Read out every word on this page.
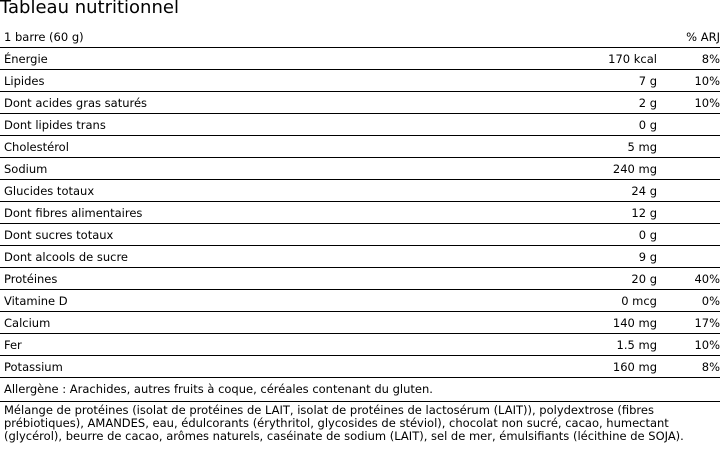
Tableau nutritionnel
1 barre (60 g)	% ARJ
Énergie	170 kcal	8%
Lipides	7 g	10%
Dont acides gras saturés	2 g	10%
Dont lipides trans	0 g
Cholestérol	5 mg
Sodium	240 mg
Glucides totaux	24 g
Dont fibres alimentaires	12 g
Dont sucres totaux	0 g
Dont alcools de sucre	9 g
Protéines	20 g	40%
Vitamine D	0 mcg	0%
Calcium	140 mg	17%
Fer	1.5 mg	10%
Potassium	160 mg	8%
Allergène : Arachides, autres fruits à coque, céréales contenant du gluten.
Mélange de protéines (isolat de protéines de LAIT, isolat de protéines de lactosérum (LAIT)), polydextrose (fibres prébiotiques), AMANDES, eau, édulcorants (érythritol, glycosides de stéviol), chocolat non sucré, cacao, humectant (glycérol), beurre de cacao, arômes naturels, caséinate de sodium (LAIT), sel de mer, émulsifiants (lécithine de SOJA).
